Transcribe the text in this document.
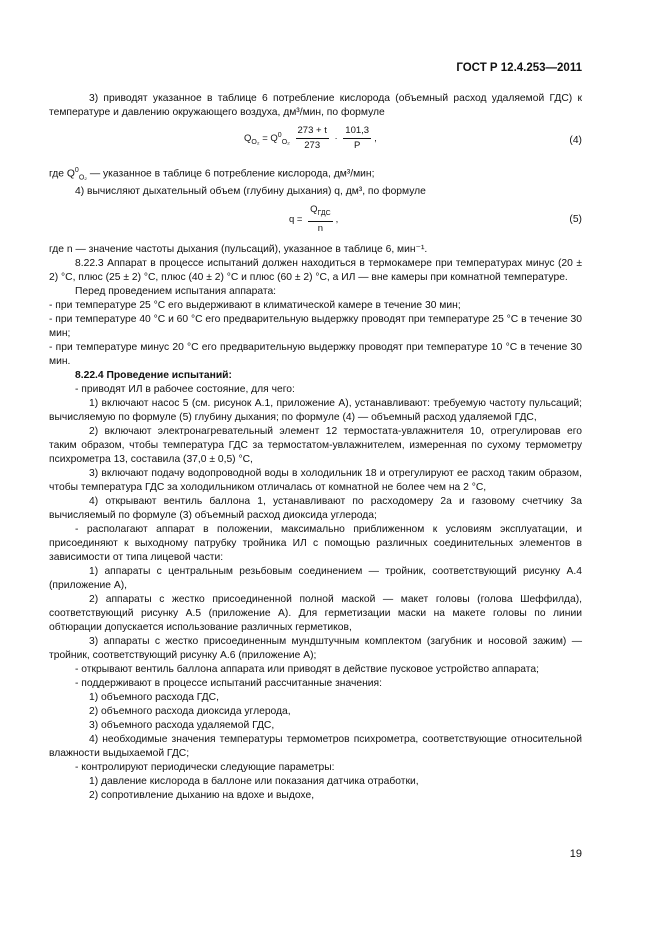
ГОСТ Р 12.4.253—2011

3) приводят указанное в таблице 6 потребление кислорода (объемный расход удаляемой ГДС) к температуре и давлению окружающего воздуха, дм³/мин, по формуле

$Q_{O_2} = Q^0_{O_2} \frac{273 + t}{273} \cdot \frac{101,3}{P}$ ,	(4)

где $Q^0_{O_2}$ — указанное в таблице 6 потребление кислорода, дм³/мин;

4) вычисляют дыхательный объем (глубину дыхания) q, дм³, по формуле

$q = \frac{Q_{ГДС}}{n}$ ,	(5)

где n — значение частоты дыхания (пульсаций), указанное в таблице 6, мин⁻¹.

8.22.3 Аппарат в процессе испытаний должен находиться в термокамере при температурах минус (20 ± 2) °С, плюс (25 ± 2) °С, плюс (40 ± 2) °С и плюс (60 ± 2) °С, а ИЛ — вне камеры при комнатной температуре.

Перед проведением испытания аппарата:

- при температуре 25 °С его выдерживают в климатической камере в течение 30 мин;

- при температуре 40 °С и 60 °С его предварительную выдержку проводят при температуре 25 °С в течение 30 мин;

- при температуре минус 20 °С его предварительную выдержку проводят при температуре 10 °С в течение 30 мин.

8.22.4 Проведение испытаний:

- приводят ИЛ в рабочее состояние, для чего:

1) включают насос 5 (см. рисунок А.1, приложение А), устанавливают: требуемую частоту пульсаций; вычисляемую по формуле (5) глубину дыхания; по формуле (4) — объемный расход удаляемой ГДС,

2) включают электронагревательный элемент 12 термостата-увлажнителя 10, отрегулировав его таким образом, чтобы температура ГДС за термостатом-увлажнителем, измеренная по сухому термометру психрометра 13, составила (37,0 ± 0,5) °С,

3) включают подачу водопроводной воды в холодильник 18 и отрегулируют ее расход таким образом, чтобы температура ГДС за холодильником отличалась от комнатной не более чем на 2 °С,

4) открывают вентиль баллона 1, устанавливают по расходомеру 2а и газовому счетчику 3а вычисляемый по формуле (3) объемный расход диоксида углерода;

- располагают аппарат в положении, максимально приближенном к условиям эксплуатации, и присоединяют к выходному патрубку тройника ИЛ с помощью различных соединительных элементов в зависимости от типа лицевой части:

1) аппараты с центральным резьбовым соединением — тройник, соответствующий рисунку А.4 (приложение А),

2) аппараты с жестко присоединенной полной маской — макет головы (голова Шеффилда), соответствующий рисунку А.5 (приложение А). Для герметизации маски на макете головы по линии обтюрации допускается использование различных герметиков,

3) аппараты с жестко присоединенным мундштучным комплектом (загубник и носовой зажим) — тройник, соответствующий рисунку А.6 (приложение А);

- открывают вентиль баллона аппарата или приводят в действие пусковое устройство аппарата;

- поддерживают в процессе испытаний рассчитанные значения:

1) объемного расхода ГДС,

2) объемного расхода диоксида углерода,

3) объемного расхода удаляемой ГДС,

4) необходимые значения температуры термометров психрометра, соответствующие относительной влажности выдыхаемой ГДС;

- контролируют периодически следующие параметры:

1) давление кислорода в баллоне или показания датчика отработки,

2) сопротивление дыханию на вдохе и выдохе,

19
